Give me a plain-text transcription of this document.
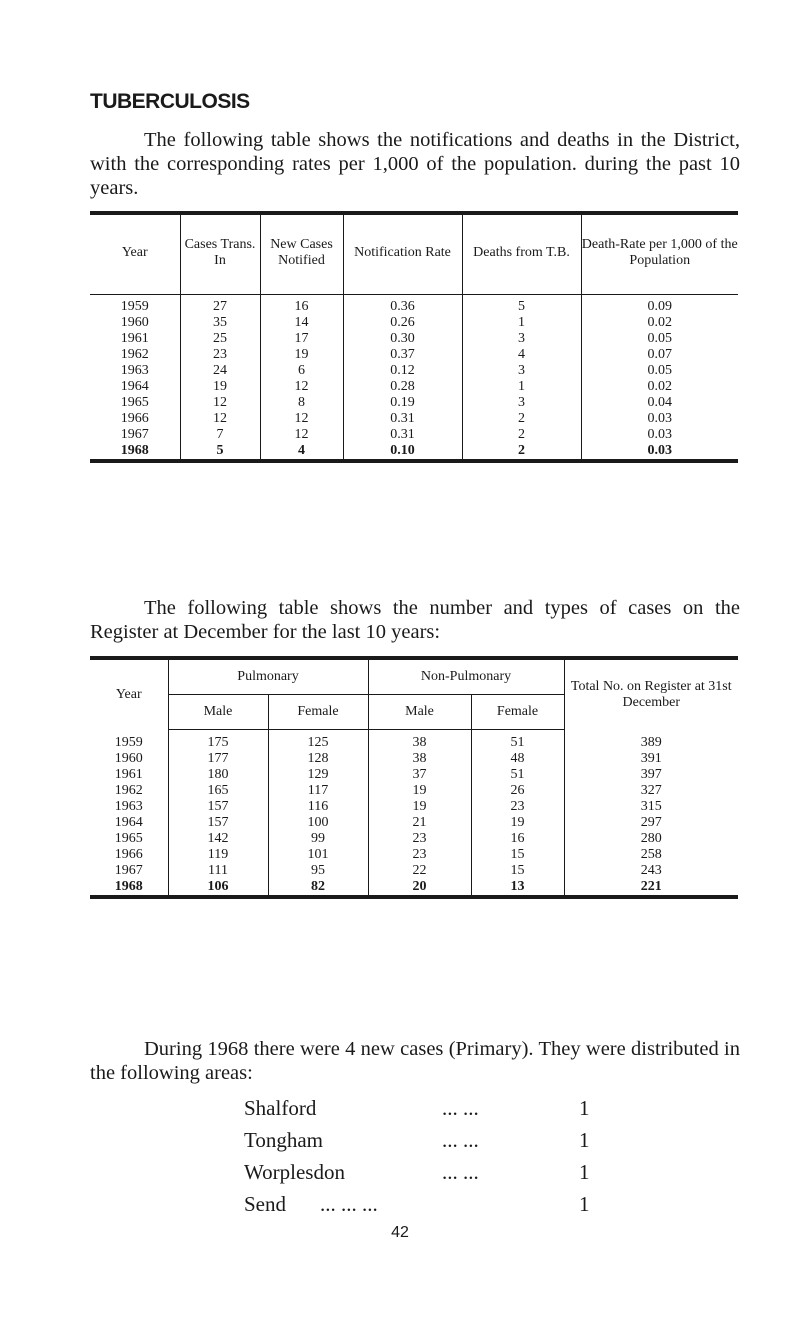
TUBERCULOSIS
The following table shows the notifications and deaths in the District, with the corresponding rates per 1,000 of the population. during the past 10 years.
Year	Cases Trans. In	New Cases Notified	Notification Rate	Deaths from T.B.	Death-Rate per 1,000 of the Population
1959	27	16	0.36	5	0.09
1960	35	14	0.26	1	0.02
1961	25	17	0.30	3	0.05
1962	23	19	0.37	4	0.07
1963	24	6	0.12	3	0.05
1964	19	12	0.28	1	0.02
1965	12	8	0.19	3	0.04
1966	12	12	0.31	2	0.03
1967	7	12	0.31	2	0.03
1968	5	4	0.10	2	0.03
The following table shows the number and types of cases on the Register at December for the last 10 years:
Year	Pulmonary		Non-Pulmonary		Total No. on Register at 31st December
	Male	Female	Male	Female	
1959	175	125	38	51	389
1960	177	128	38	48	391
1961	180	129	37	51	397
1962	165	117	19	26	327
1963	157	116	19	23	315
1964	157	100	21	19	297
1965	142	99	23	16	280
1966	119	101	23	15	258
1967	111	95	22	15	243
1968	106	82	20	13	221
During 1968 there were 4 new cases (Primary). They were distributed in the following areas:
Shalford	... ...	1
Tongham	... ...	1
Worplesdon	... ...	1
Send	... ... ...	1
42
